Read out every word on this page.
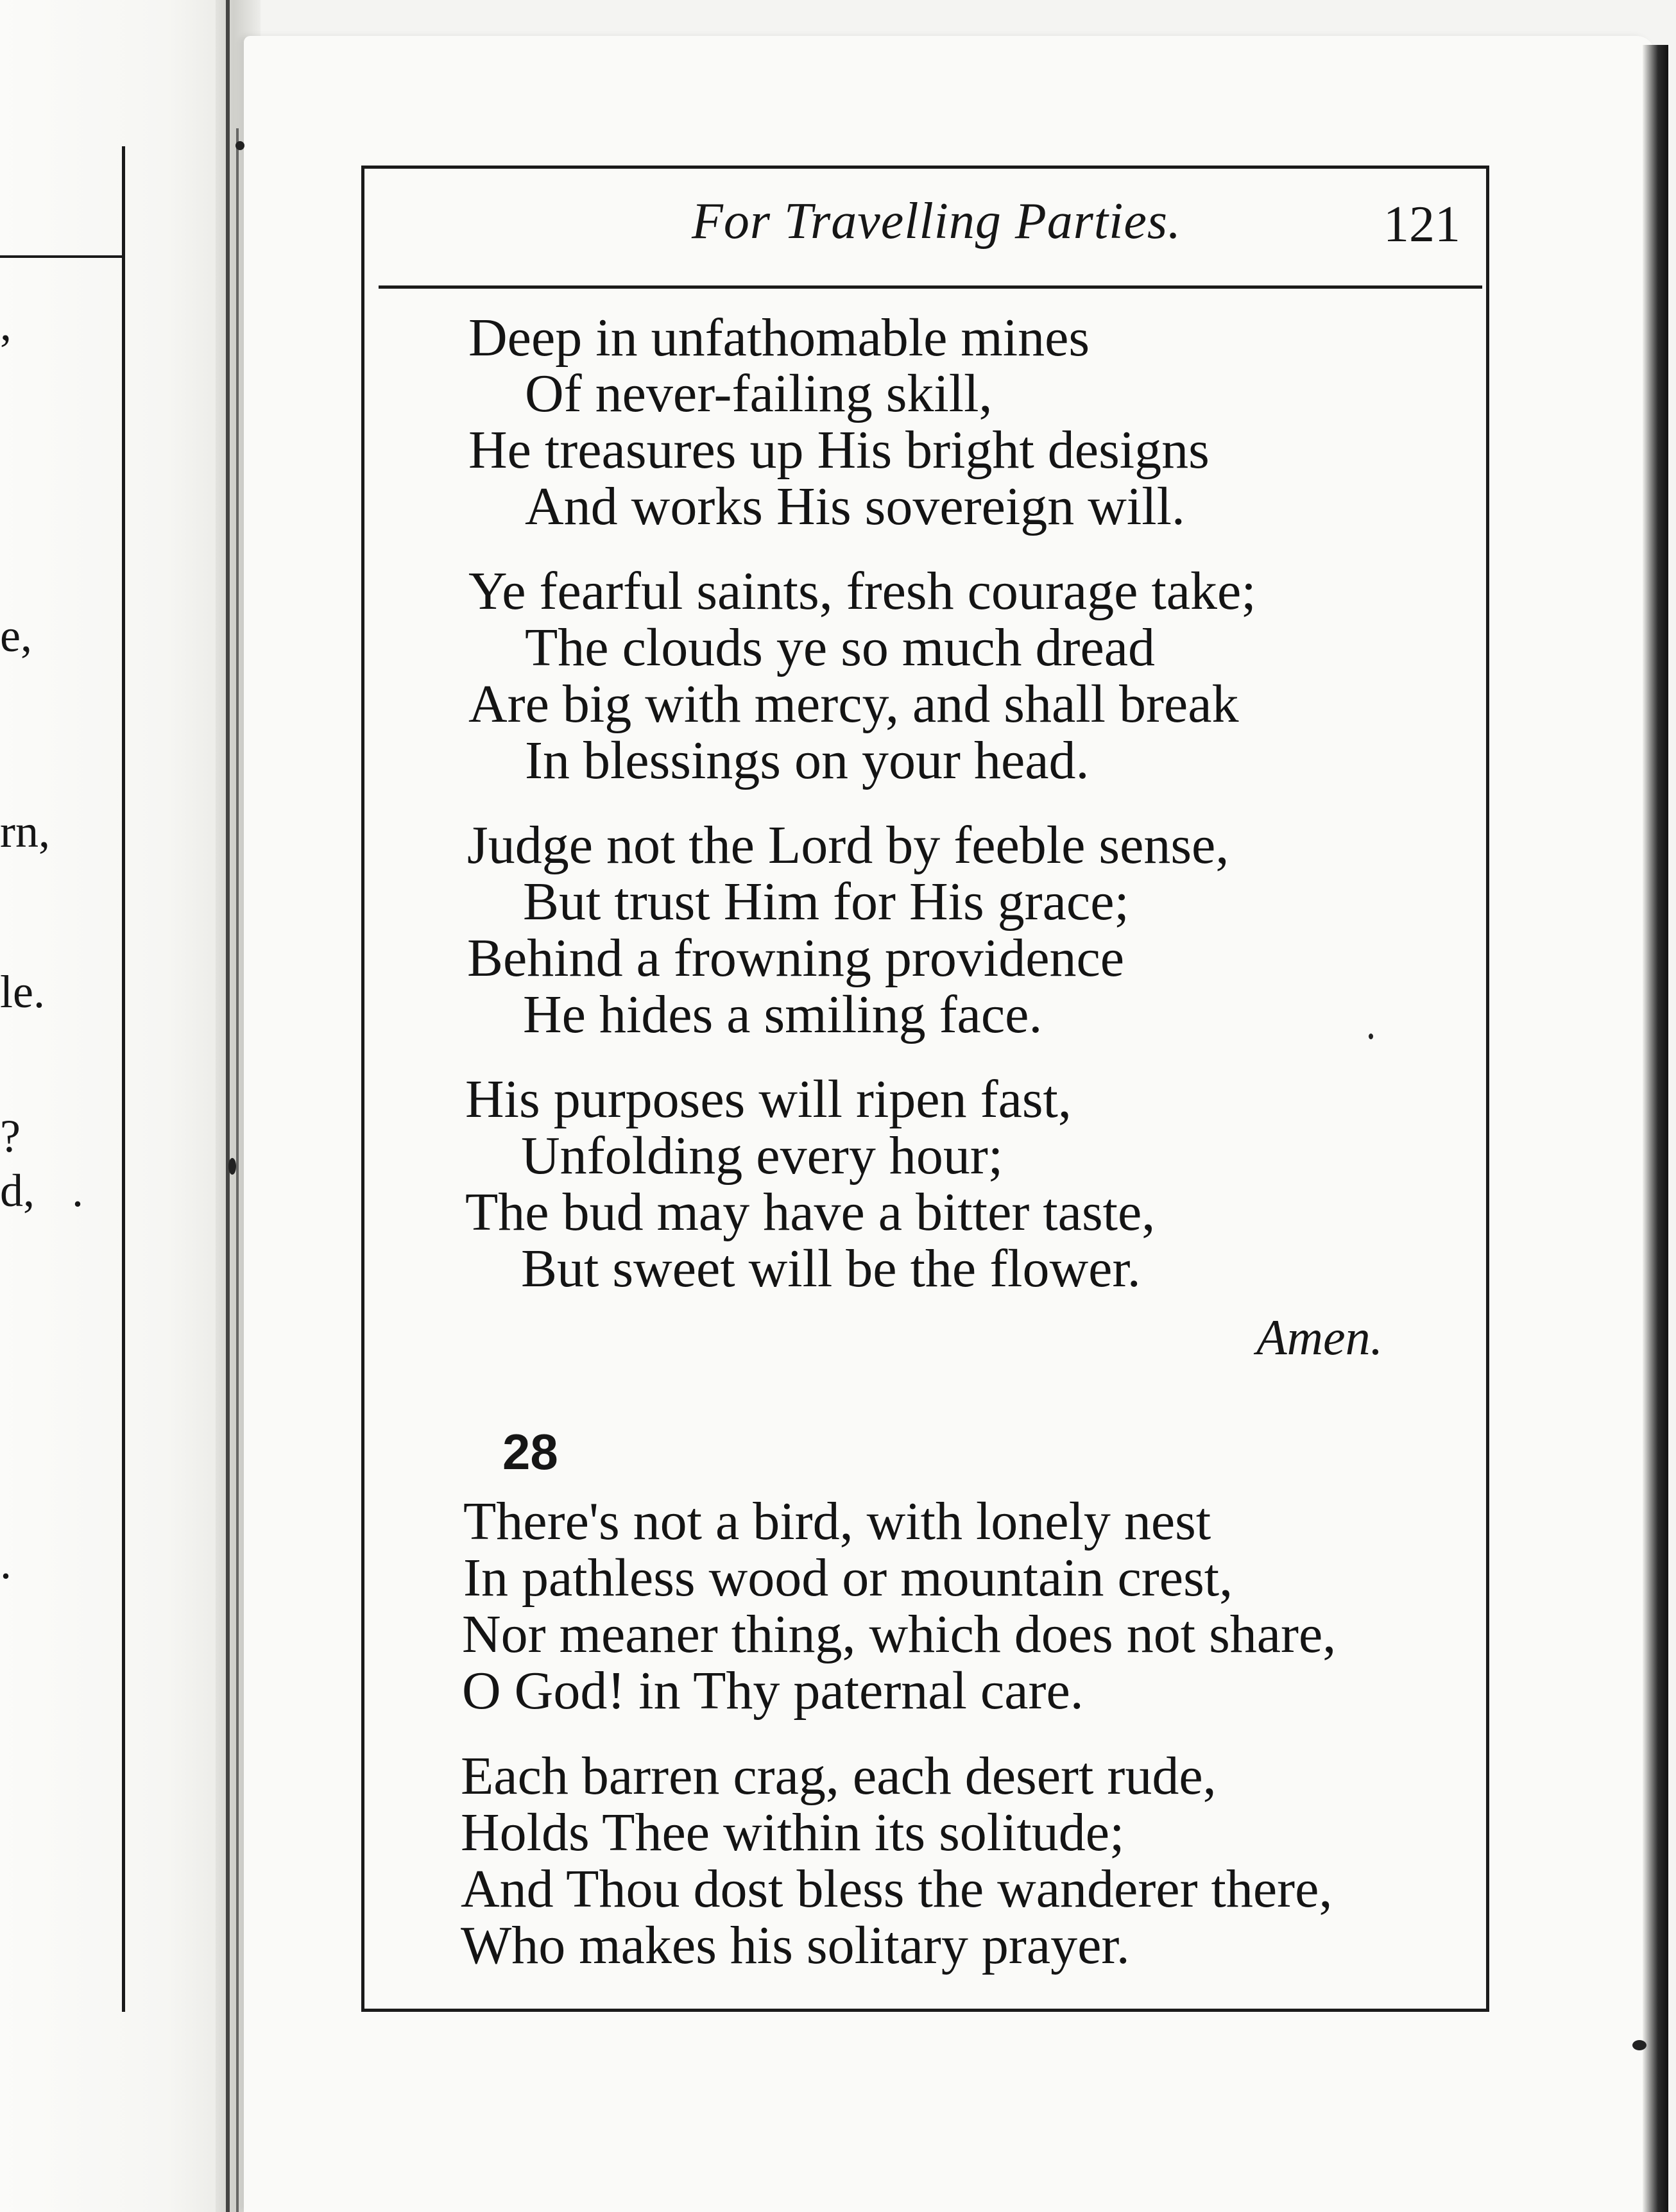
,
e,
rn,
le.
?
d, .
.
For Travelling Parties.	121
Deep in unfathomable mines
Of never-failing skill,
He treasures up His bright designs
And works His sovereign will.
Ye fearful saints, fresh courage take;
The clouds ye so much dread
Are big with mercy, and shall break
In blessings on your head.
Judge not the Lord by feeble sense,
But trust Him for His grace;
Behind a frowning providence
He hides a smiling face.
His purposes will ripen fast,
Unfolding every hour;
The bud may have a bitter taste,
But sweet will be the flower.
Amen.
28
There's not a bird, with lonely nest
In pathless wood or mountain crest,
Nor meaner thing, which does not share,
O God! in Thy paternal care.
Each barren crag, each desert rude,
Holds Thee within its solitude;
And Thou dost bless the wanderer there,
Who makes his solitary prayer.
